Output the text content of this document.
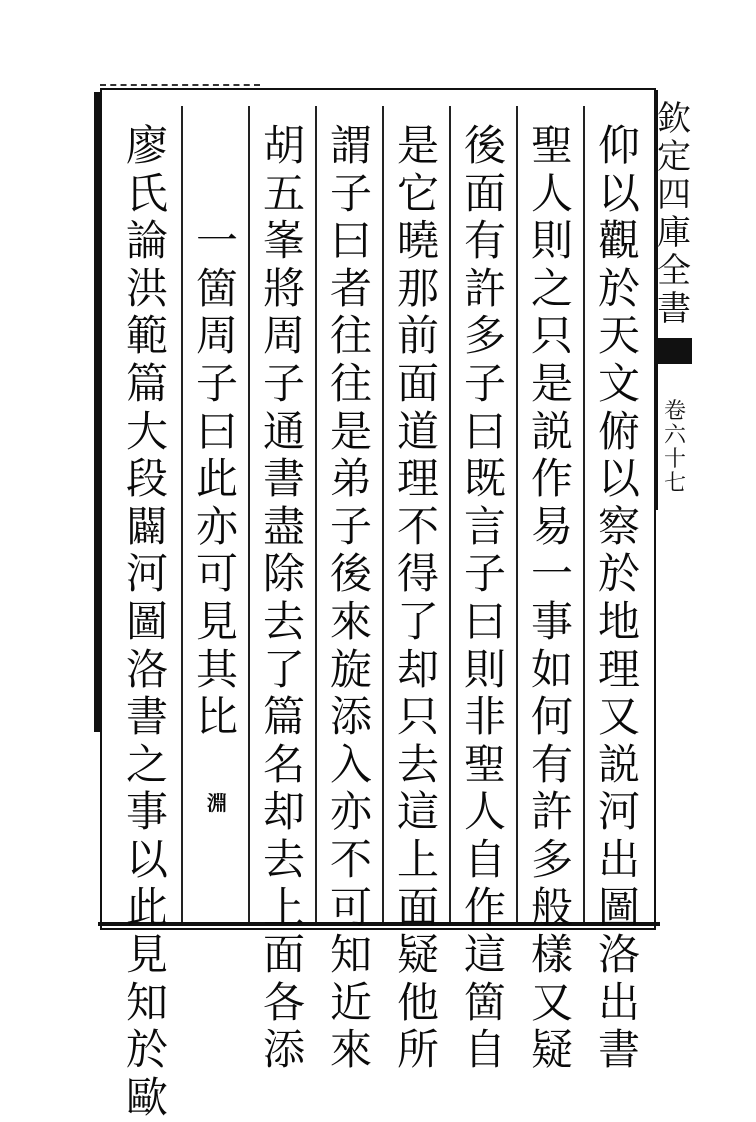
仰以觀於天文俯以察於地理又説河出圖洛出書
聖人則之只是説作易一事如何有許多般樣又疑
後面有許多子曰既言子曰則非聖人自作這箇自
是它曉那前面道理不得了却只去這上面疑他所
謂子曰者往往是弟子後來旋添入亦不可知近來
胡五峯將周子通書盡除去了篇名却去上面各添

一箇周子曰此亦可見其比

淵

廖氏論洪範篇大段闢河圖洛書之事以此見知於歐
欽定四庫全書
卷六十七
